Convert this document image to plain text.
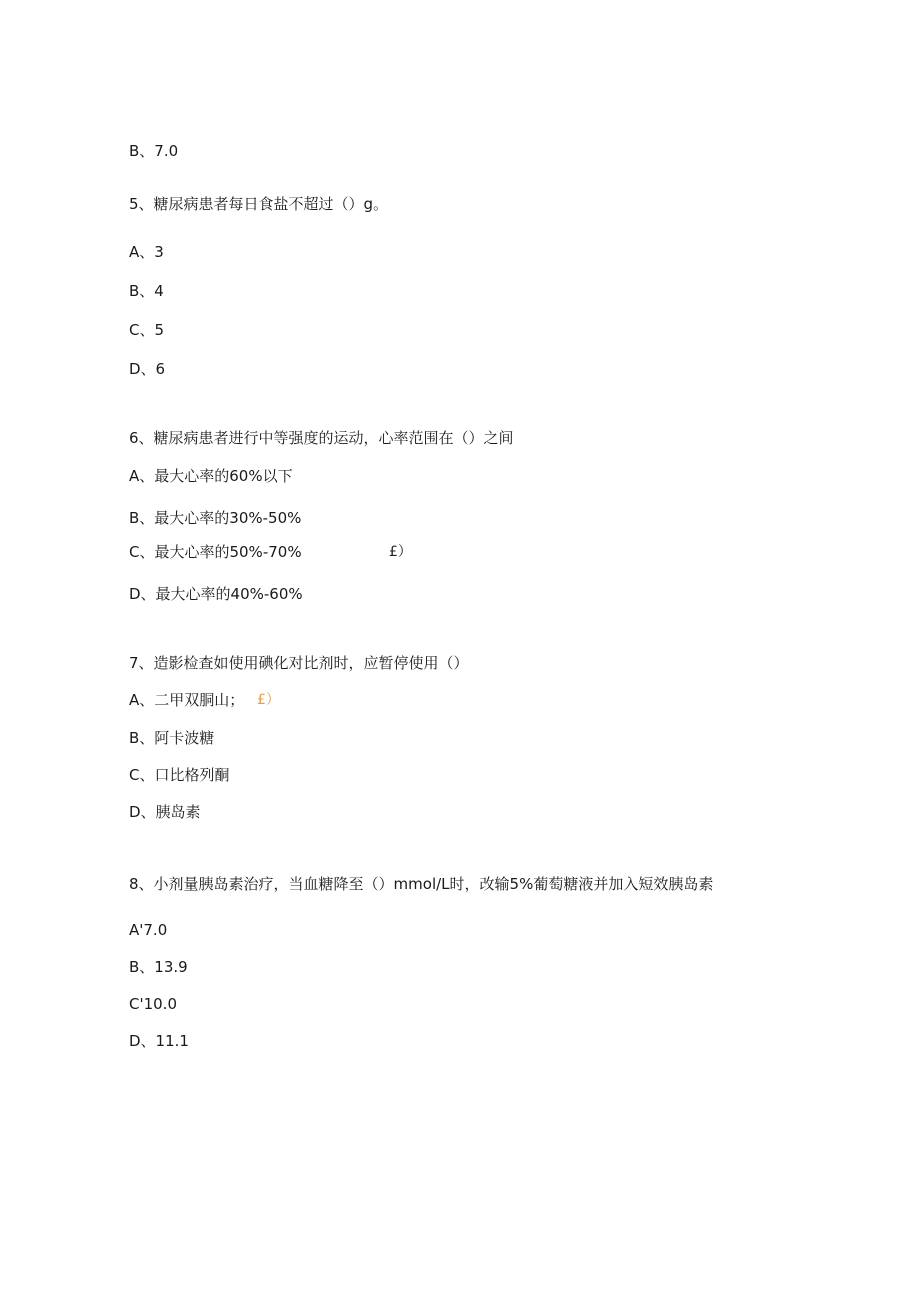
B、7.0
5、糖尿病患者每日食盐不超过（）g。
A、3
B、4
C、5
D、6
6、糖尿病患者进行中等强度的运动，心率范围在（）之间
A、最大心率的60%以下
B、最大心率的30%-50%
C、最大心率的50%-70%	£）
D、最大心率的40%-60%
7、造影检查如使用碘化对比剂时，应暂停使用（）
A、二甲双胴山； £）
B、阿卡波糖
C、口比格列酮
D、胰岛素
8、小剂量胰岛素治疗，当血糖降至（）mmol/L时，改输5%葡萄糖液并加入短效胰岛素
A'7.0
B、13.9
C'10.0
D、11.1
